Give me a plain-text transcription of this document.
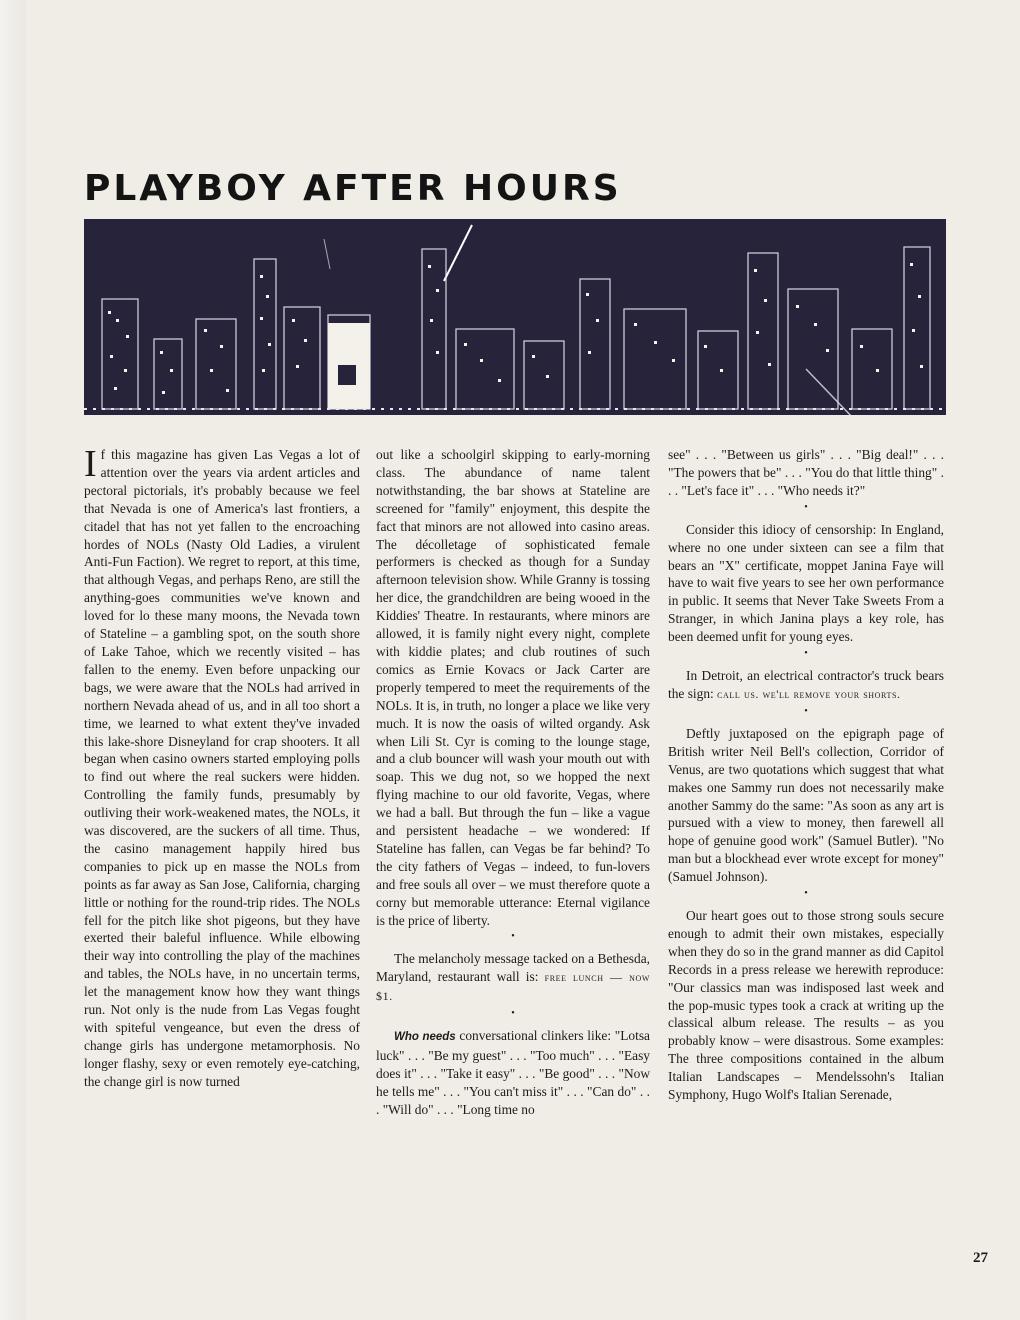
PLAYBOY AFTER HOURS

If this magazine has given Las Vegas a lot of attention over the years via ardent articles and pectoral pictorials, it's probably because we feel that Nevada is one of America's last frontiers, a citadel that has not yet fallen to the encroaching hordes of NOLs (Nasty Old Ladies, a virulent Anti-Fun Faction). We regret to report, at this time, that although Vegas, and perhaps Reno, are still the anything-goes communities we've known and loved for lo these many moons, the Nevada town of Stateline – a gambling spot, on the south shore of Lake Tahoe, which we recently visited – has fallen to the enemy. Even before unpacking our bags, we were aware that the NOLs had arrived in northern Nevada ahead of us, and in all too short a time, we learned to what extent they've invaded this lake-shore Disneyland for crap shooters. It all began when casino owners started employing polls to find out where the real suckers were hidden. Controlling the family funds, presumably by outliving their work-weakened mates, the NOLs, it was discovered, are the suckers of all time. Thus, the casino management happily hired bus companies to pick up en masse the NOLs from points as far away as San Jose, California, charging little or nothing for the round-trip rides. The NOLs fell for the pitch like shot pigeons, but they have exerted their baleful influence. While elbowing their way into controlling the play of the machines and tables, the NOLs have, in no uncertain terms, let the management know how they want things run. Not only is the nude from Las Vegas fought with spiteful vengeance, but even the dress of change girls has undergone metamorphosis. No longer flashy, sexy or even remotely eye-catching, the change girl is now turned

out like a schoolgirl skipping to early-morning class. The abundance of name talent notwithstanding, the bar shows at Stateline are screened for "family" enjoyment, this despite the fact that minors are not allowed into casino areas. The décolletage of sophisticated female performers is checked as though for a Sunday afternoon television show. While Granny is tossing her dice, the grandchildren are being wooed in the Kiddies' Theatre. In restaurants, where minors are allowed, it is family night every night, complete with kiddie plates; and club routines of such comics as Ernie Kovacs or Jack Carter are properly tempered to meet the requirements of the NOLs. It is, in truth, no longer a place we like very much. It is now the oasis of wilted organdy. Ask when Lili St. Cyr is coming to the lounge stage, and a club bouncer will wash your mouth out with soap. This we dug not, so we hopped the next flying machine to our old favorite, Vegas, where we had a ball. But through the fun – like a vague and persistent headache – we wondered: If Stateline has fallen, can Vegas be far behind? To the city fathers of Vegas – indeed, to fun-lovers and free souls all over – we must therefore quote a corny but memorable utterance: Eternal vigilance is the price of liberty.

•

The melancholy message tacked on a Bethesda, Maryland, restaurant wall is: free lunch — now $1.

•

Who needs conversational clinkers like: "Lotsa luck" . . . "Be my guest" . . . "Too much" . . . "Easy does it" . . . "Take it easy" . . . "Be good" . . . "Now he tells me" . . . "You can't miss it" . . . "Can do" . . . "Will do" . . . "Long time no

see" . . . "Between us girls" . . . "Big deal!" . . . "The powers that be" . . . "You do that little thing" . . . "Let's face it" . . . "Who needs it?"

•

Consider this idiocy of censorship: In England, where no one under sixteen can see a film that bears an "X" certificate, moppet Janina Faye will have to wait five years to see her own performance in public. It seems that Never Take Sweets From a Stranger, in which Janina plays a key role, has been deemed unfit for young eyes.

•

In Detroit, an electrical contractor's truck bears the sign: call us. we'll remove your shorts.

•

Deftly juxtaposed on the epigraph page of British writer Neil Bell's collection, Corridor of Venus, are two quotations which suggest that what makes one Sammy run does not necessarily make another Sammy do the same: "As soon as any art is pursued with a view to money, then farewell all hope of genuine good work" (Samuel Butler). "No man but a blockhead ever wrote except for money" (Samuel Johnson).

•

Our heart goes out to those strong souls secure enough to admit their own mistakes, especially when they do so in the grand manner as did Capitol Records in a press release we herewith reproduce: "Our classics man was indisposed last week and the pop-music types took a crack at writing up the classical album release. The results – as you probably know – were disastrous. Some examples: The three compositions contained in the album Italian Landscapes – Mendelssohn's Italian Symphony, Hugo Wolf's Italian Serenade,

27
